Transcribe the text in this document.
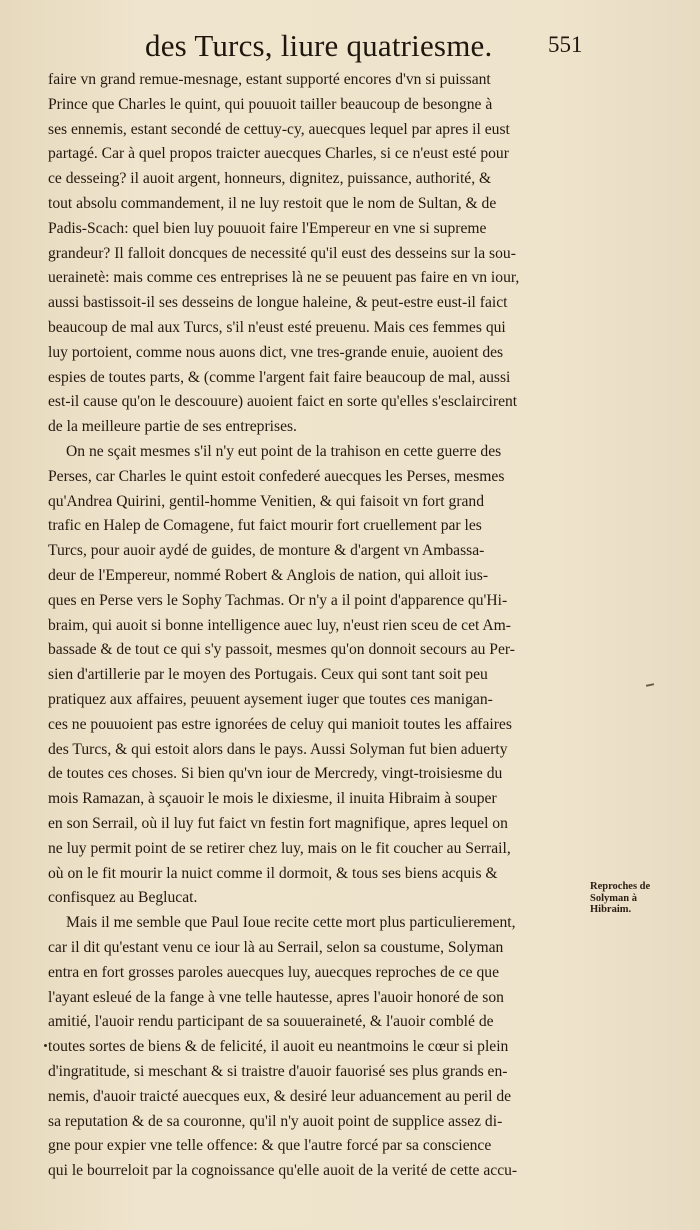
des Turcs, liure quatriesme. 551
faire vn grand remue-mesnage, estant supporté encores d'vn si puissant
Prince que Charles le quint, qui pouuoit tailler beaucoup de besongne à
ses ennemis, estant secondé de cettuy-cy, auecques lequel par apres il eust
partagé. Car à quel propos traicter auecques Charles, si ce n'eust esté pour
ce desseing? il auoit argent, honneurs, dignitez, puissance, authorité, &
tout absolu commandement, il ne luy restoit que le nom de Sultan, & de
Padis-Scach: quel bien luy pouuoit faire l'Empereur en vne si supreme
grandeur? Il falloit doncques de necessité qu'il eust des desseins sur la sou-
uerainetè: mais comme ces entreprises là ne se peuuent pas faire en vn iour,
aussi bastissoit-il ses desseins de longue haleine, & peut-estre eust-il faict
beaucoup de mal aux Turcs, s'il n'eust esté preuenu. Mais ces femmes qui
luy portoient, comme nous auons dict, vne tres-grande enuie, auoient des
espies de toutes parts, & (comme l'argent fait faire beaucoup de mal, aussi
est-il cause qu'on le descouure) auoient faict en sorte qu'elles s'esclaircirent
de la meilleure partie de ses entreprises.
On ne sçait mesmes s'il n'y eut point de la trahison en cette guerre des
Perses, car Charles le quint estoit confederé auecques les Perses, mesmes
qu'Andrea Quirini, gentil-homme Venitien, & qui faisoit vn fort grand
trafic en Halep de Comagene, fut faict mourir fort cruellement par les
Turcs, pour auoir aydé de guides, de monture & d'argent vn Ambassa-
deur de l'Empereur, nommé Robert & Anglois de nation, qui alloit ius-
ques en Perse vers le Sophy Tachmas. Or n'y a il point d'apparence qu'Hi-
braim, qui auoit si bonne intelligence auec luy, n'eust rien sceu de cet Am-
bassade & de tout ce qui s'y passoit, mesmes qu'on donnoit secours au Per-
sien d'artillerie par le moyen des Portugais. Ceux qui sont tant soit peu
pratiquez aux affaires, peuuent aysement iuger que toutes ces manigan-
ces ne pouuoient pas estre ignorées de celuy qui manioit toutes les affaires
des Turcs, & qui estoit alors dans le pays. Aussi Solyman fut bien aduerty
de toutes ces choses. Si bien qu'vn iour de Mercredy, vingt-troisiesme du
mois Ramazan, à sçauoir le mois le dixiesme, il inuita Hibraim à souper
en son Serrail, où il luy fut faict vn festin fort magnifique, apres lequel on
ne luy permit point de se retirer chez luy, mais on le fit coucher au Serrail,
où on le fit mourir la nuict comme il dormoit, & tous ses biens acquis &
confisquez au Beglucat.
Mais il me semble que Paul Ioue recite cette mort plus particulierement,
car il dit qu'estant venu ce iour là au Serrail, selon sa coustume, Solyman
entra en fort grosses paroles auecques luy, auecques reproches de ce que
l'ayant esleué de la fange à vne telle hautesse, apres l'auoir honoré de son
amitié, l'auoir rendu participant de sa souueraineté, & l'auoir comblé de
toutes sortes de biens & de felicité, il auoit eu neantmoins le cœur si plein
d'ingratitude, si meschant & si traistre d'auoir fauorisé ses plus grands en-
nemis, d'auoir traicté auecques eux, & desiré leur aduancement au peril de
sa reputation & de sa couronne, qu'il n'y auoit point de supplice assez di-
gne pour expier vne telle offence: & que l'autre forcé par sa conscience
qui le bourreloit par la cognoissance qu'elle auoit de la verité de cette accu-
Reproches de
Solyman à
Hibraim.
